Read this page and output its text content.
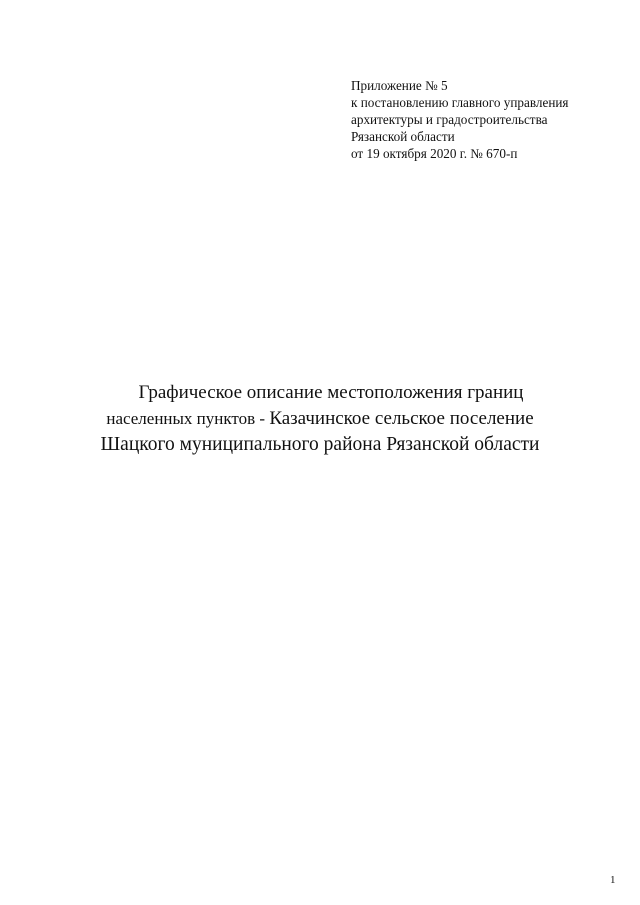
Приложение № 5
к постановлению главного управления
архитектуры и градостроительства
Рязанской области
от 19 октября 2020 г. № 670-п
Графическое описание местоположения границ
населенных пунктов - Казачинское сельское поселение
Шацкого муниципального района Рязанской области
1
